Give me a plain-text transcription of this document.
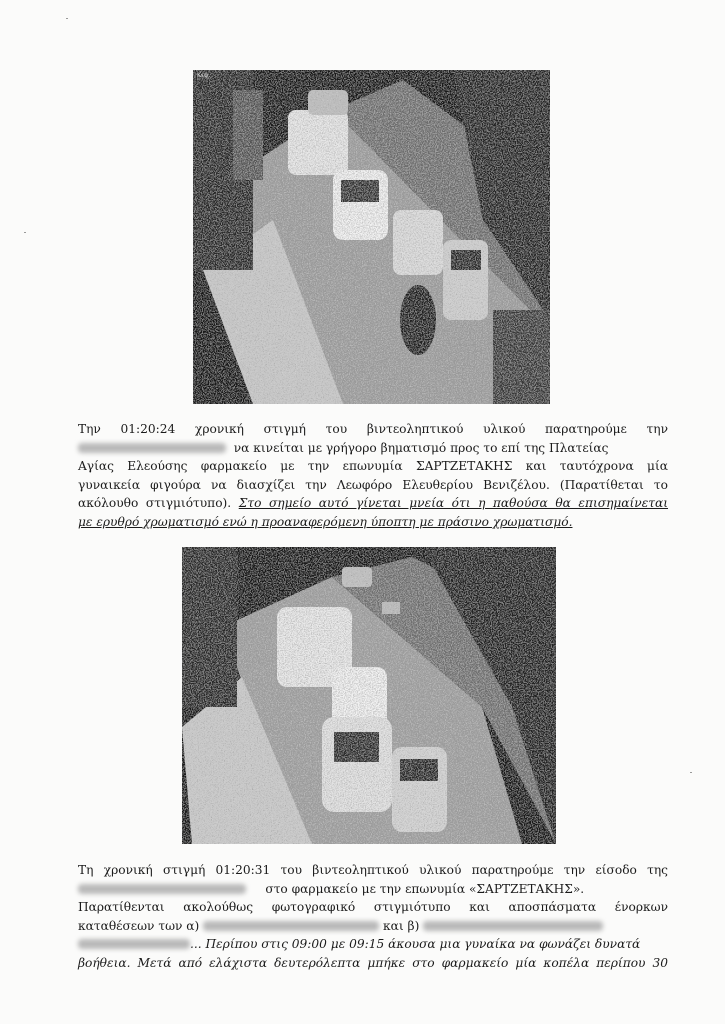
Κεφ.
Την 01:20:24 χρονική στιγμή του βιντεοληπτικού υλικού παρατηρούμε την
να κινείται με γρήγορο βηματισμό προς το επί της Πλατείας
Αγίας Ελεούσης φαρμακείο με την επωνυμία ΣΑΡΤΖΕΤΑΚΗΣ και ταυτόχρονα μία
γυναικεία φιγούρα να διασχίζει την Λεωφόρο Ελευθερίου Βενιζέλου. (Παρατίθεται το
ακόλουθο στιγμιότυπο). Στο σημείο αυτό γίνεται μνεία ότι η παθούσα θα επισημαίνεται
με ερυθρό χρωματισμό ενώ η προαναφερόμενη ύποπτη με πράσινο χρωματισμό.
Τη χρονική στιγμή 01:20:31 του βιντεοληπτικού υλικού παρατηρούμε την είσοδο της
στο φαρμακείο με την επωνυμία «ΣΑΡΤΖΕΤΑΚΗΣ».
Παρατίθενται ακολούθως φωτογραφικό στιγμιότυπο και αποσπάσματα ένορκων
καταθέσεων των α)	και β)
... Περίπου στις 09:00 με 09:15 άκουσα μια γυναίκα να φωνάζει δυνατά
βοήθεια. Μετά από ελάχιστα δευτερόλεπτα μπήκε στο φαρμακείο μία κοπέλα περίπου 30
